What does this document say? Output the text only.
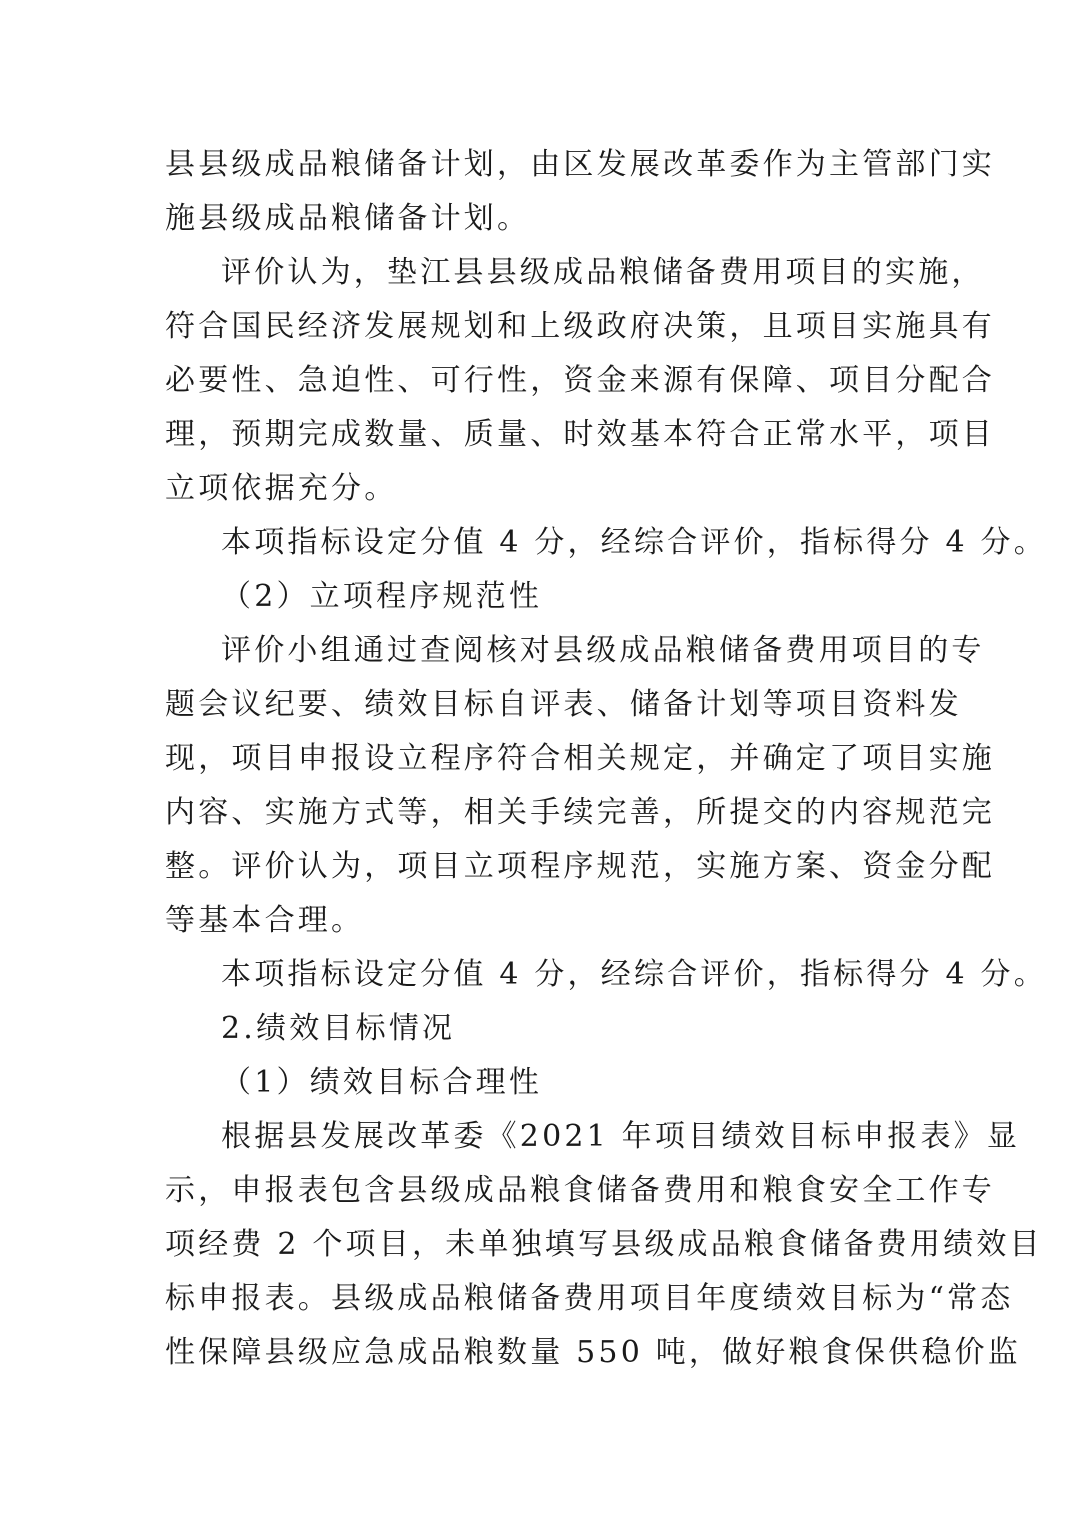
县县级成品粮储备计划，由区发展改革委作为主管部门实
施县级成品粮储备计划。
评价认为，垫江县县级成品粮储备费用项目的实施，
符合国民经济发展规划和上级政府决策，且项目实施具有
必要性、急迫性、可行性，资金来源有保障、项目分配合
理，预期完成数量、质量、时效基本符合正常水平，项目
立项依据充分。
本项指标设定分值 4 分，经综合评价，指标得分 4 分。
（2）立项程序规范性
评价小组通过查阅核对县级成品粮储备费用项目的专
题会议纪要、绩效目标自评表、储备计划等项目资料发
现，项目申报设立程序符合相关规定，并确定了项目实施
内容、实施方式等，相关手续完善，所提交的内容规范完
整。评价认为，项目立项程序规范，实施方案、资金分配
等基本合理。
本项指标设定分值 4 分，经综合评价，指标得分 4 分。
2.绩效目标情况
（1）绩效目标合理性
根据县发展改革委《2021 年项目绩效目标申报表》显
示，申报表包含县级成品粮食储备费用和粮食安全工作专
项经费 2 个项目，未单独填写县级成品粮食储备费用绩效目
标申报表。县级成品粮储备费用项目年度绩效目标为“常态
性保障县级应急成品粮数量 550 吨，做好粮食保供稳价监
